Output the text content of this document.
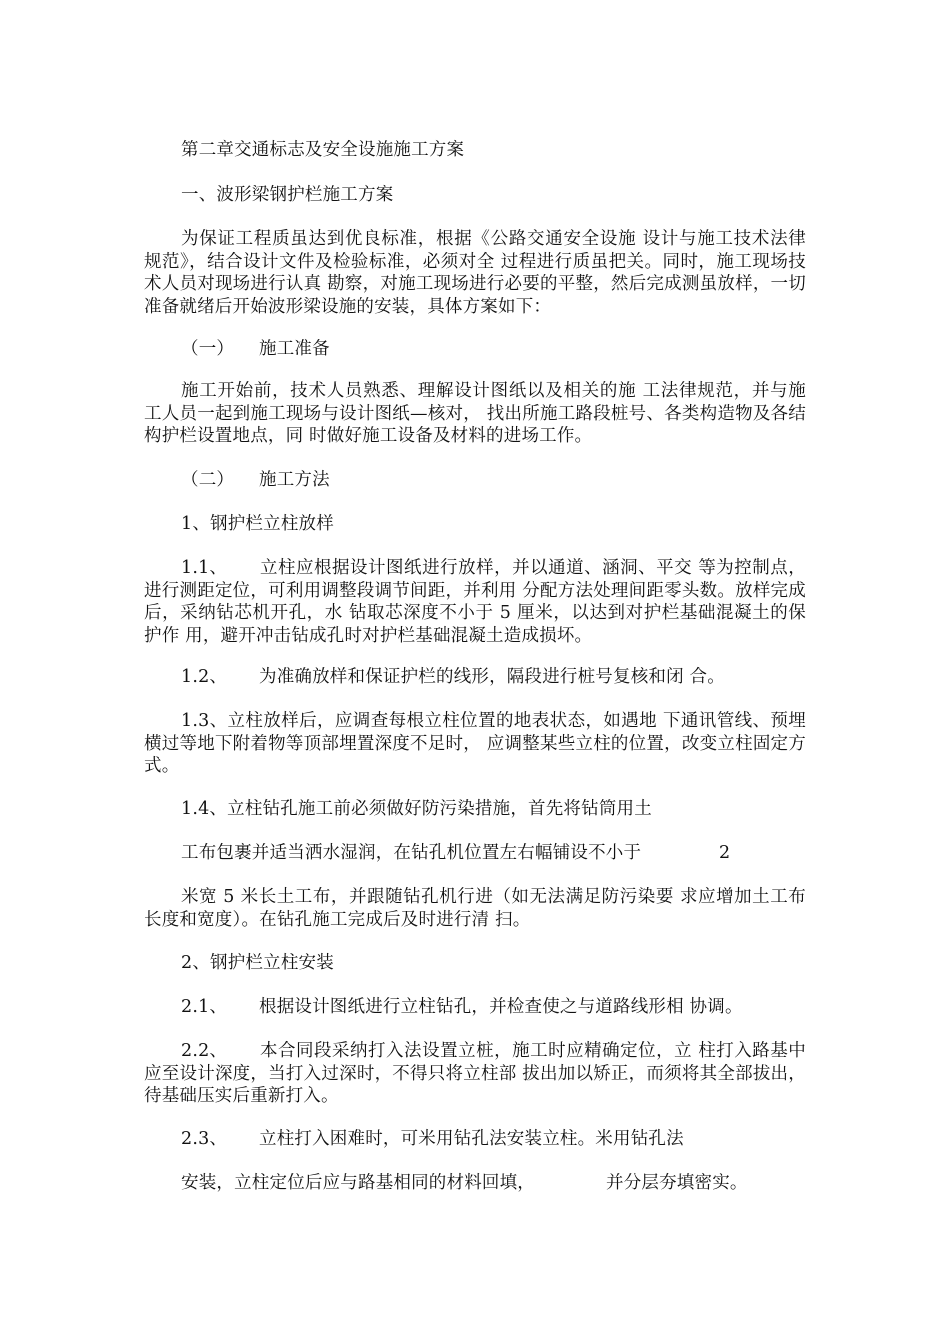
第二章交通标志及安全设施施工方案
一、波形梁钢护栏施工方案
为保证工程质虽达到优良标准，根据《公路交通安全设施 设计与施工技术法律规范》，结合设计文件及检验标准，必须对全 过程进行质虽把关。同时，施工现场技术人员对现场进行认真 勘察，对施工现场进行必要的平整，然后完成测虽放样，一切 准备就绪后开始波形梁设施的安装，具体方案如下：
（一） 施工准备
施工开始前，技术人员熟悉、理解设计图纸以及相关的施 工法律规范，并与施工人员一起到施工现场与设计图纸—核对， 找出所施工路段桩号、各类构造物及各结构护栏设置地点，同 时做好施工设备及材料的进场工作。
（二） 施工方法
1、钢护栏立柱放样
1.1、	立柱应根据设计图纸进行放样，并以通道、涵洞、平交 等为控制点，进行测距定位，可利用调整段调节间距，并利用 分配方法处理间距零头数。放样完成后，采纳钻芯机开孔，水 钻取芯深度不小于 5 厘米，以达到对护栏基础混凝土的保护作 用，避开冲击钻成孔时对护栏基础混凝土造成损坏。
1.2、 为准确放样和保证护栏的线形，隔段进行桩号复核和闭 合。
1.3、立柱放样后，应调查每根立柱位置的地表状态，如遇地 下通讯管线、预埋横过等地下附着物等顶部埋置深度不足时， 应调整某些立柱的位置，改变立柱固定方式。
1.4、立柱钻孔施工前必须做好防污染措施，首先将钻筒用土
工布包裹并适当洒水湿润，在钻孔机位置左右幅铺设不小于	2
米宽 5 米长土工布，并跟随钻孔机行进（如无法满足防污染要 求应增加土工布长度和宽度）。在钻孔施工完成后及时进行清 扫。
2、钢护栏立柱安装
2.1、 根据设计图纸进行立柱钻孔，并检查使之与道路线形相 协调。
2.2、	本合同段采纳打入法设置立桩，施工时应精确定位，立 柱打入路基中应至设计深度，当打入过深时，不得只将立柱部 拔出加以矫正，而须将其全部拔出，待基础压实后重新打入。
2.3、 立柱打入困难时，可米用钻孔法安装立柱。米用钻孔法
安装，立柱定位后应与路基相同的材料回填，	并分层夯填密实。
